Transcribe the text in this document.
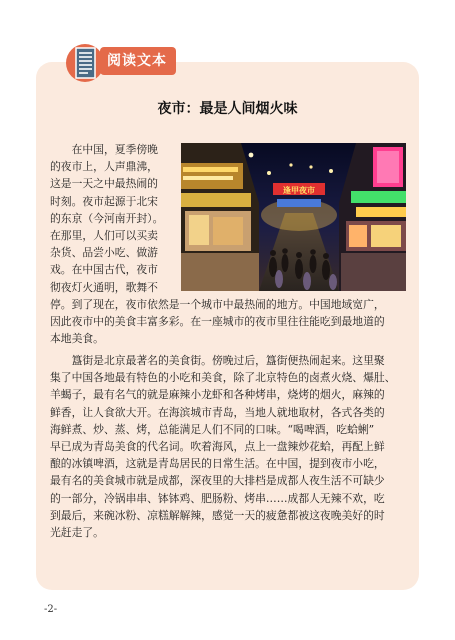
阅读文本
夜市：最是人间烟火味
逢甲夜市
　　在中国，夏季傍晚
的夜市上，人声鼎沸，
这是一天之中最热闹的
时刻。夜市起源于北宋
的东京（今河南开封）。
在那里，人们可以买卖
杂货、品尝小吃、做游
戏。在中国古代，夜市
彻夜灯火通明，歌舞不
停。到了现在，夜市依然是一个城市中最热闹的地方。中国地域宽广，
因此夜市中的美食丰富多彩。在一座城市的夜市里往往能吃到最地道的
本地美食。
　　簋街是北京最著名的美食街。傍晚过后，簋街便热闹起来。这里聚
集了中国各地最有特色的小吃和美食，除了北京特色的卤煮火烧、爆肚、
羊蝎子，最有名气的就是麻辣小龙虾和各种烤串，烧烤的烟火，麻辣的
鲜香，让人食欲大开。在海滨城市青岛，当地人就地取材，各式各类的
海鲜煮、炒、蒸、烤，总能满足人们不同的口味。“喝啤酒，吃蛤蜊”
早已成为青岛美食的代名词。吹着海风，点上一盘辣炒花蛤，再配上鲜
酿的冰镇啤酒，这就是青岛居民的日常生活。在中国，提到夜市小吃，
最有名的美食城市就是成都，深夜里的大排档是成都人夜生活不可缺少
的一部分，冷锅串串、钵钵鸡、肥肠粉、烤串……成都人无辣不欢，吃
到最后，来碗冰粉、凉糕解解辣，感觉一天的疲惫都被这夜晚美好的时
光赶走了。
-2-
